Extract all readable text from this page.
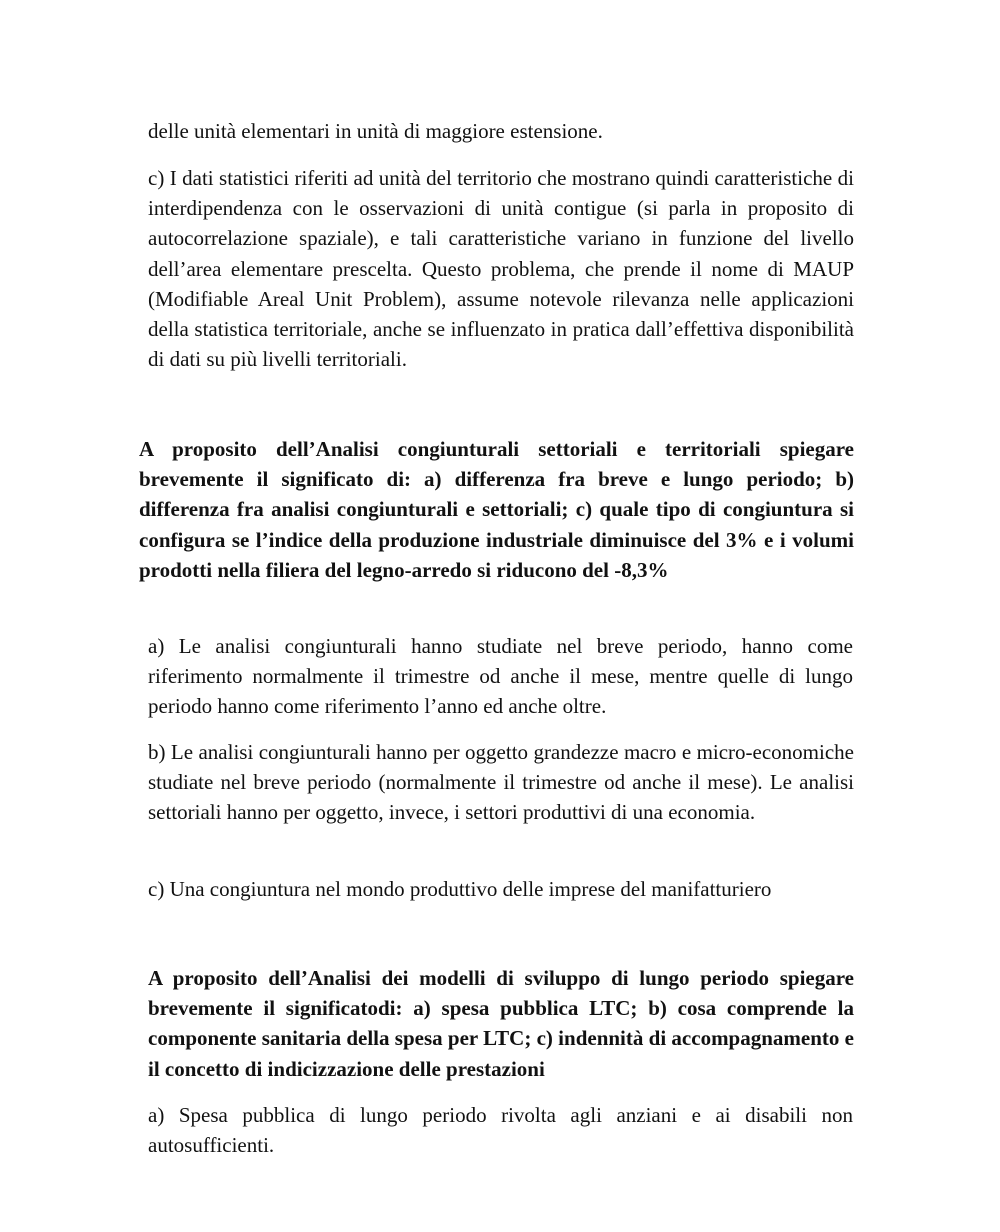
delle unità elementari in unità di maggiore estensione.

c) I dati statistici riferiti ad unità del territorio che mostrano quindi caratteristiche di interdipendenza con le osservazioni di unità contigue (si parla in proposito di autocorrelazione spaziale), e tali caratteristiche variano in funzione del livello dell’area elementare prescelta. Questo problema, che prende il nome di MAUP (Modifiable Areal Unit Problem), assume notevole rilevanza nelle applicazioni della statistica territoriale, anche se influenzato in pratica dall’effettiva disponibilità di dati su più livelli territoriali.

A proposito dell’Analisi congiunturali settoriali e territoriali spiegare brevemente il significato di: a) differenza fra breve e lungo periodo; b) differenza fra analisi congiunturali e settoriali; c) quale tipo di congiuntura si configura se l’indice della produzione industriale diminuisce del 3% e i volumi prodotti nella filiera del legno-arredo si riducono del -8,3%

a) Le analisi congiunturali hanno studiate nel breve periodo, hanno come riferimento normalmente il trimestre od anche il mese, mentre quelle di lungo periodo hanno come riferimento l’anno ed anche oltre.

b) Le analisi congiunturali hanno per oggetto grandezze macro e micro-economiche studiate nel breve periodo (normalmente il trimestre od anche il mese). Le analisi settoriali hanno per oggetto, invece, i settori produttivi di una economia.

c) Una congiuntura nel mondo produttivo delle imprese del manifatturiero

A proposito dell’Analisi dei modelli di sviluppo di lungo periodo spiegare brevemente il significatodi: a) spesa pubblica LTC; b) cosa comprende la componente sanitaria della spesa per LTC; c) indennità di accompagnamento e il concetto di indicizzazione delle prestazioni

a) Spesa pubblica di lungo periodo rivolta agli anziani e ai disabili non autosufficienti.
